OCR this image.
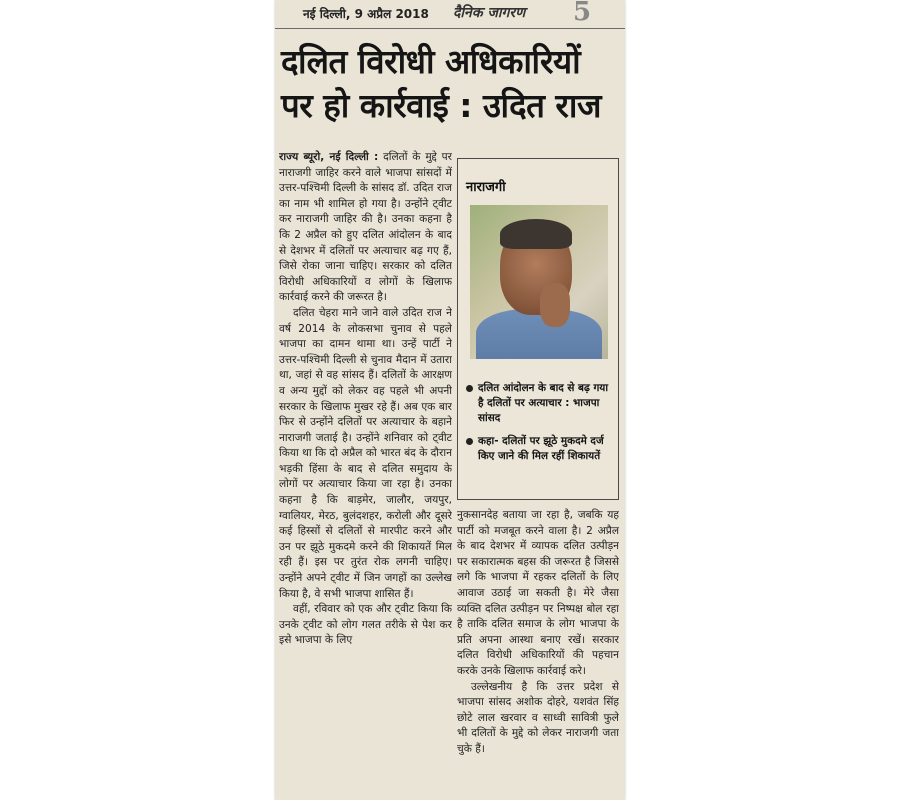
नई दिल्ली, 9 अप्रैल 2018 दैनिक जागरण 5
दलित विरोधी अधिकारियों
पर हो कार्रवाई : उदित राज

राज्य ब्यूरो, नई दिल्ली : दलितों के मुद्दे पर नाराजगी जाहिर करने वाले भाजपा सांसदों में उत्तर-पश्चिमी दिल्ली के सांसद डॉ. उदित राज का नाम भी शामिल हो गया है। उन्होंने ट्वीट कर नाराजगी जाहिर की है। उनका कहना है कि 2 अप्रैल को हुए दलित आंदोलन के बाद से देशभर में दलितों पर अत्याचार बढ़ गए हैं, जिसे रोका जाना चाहिए। सरकार को दलित विरोधी अधिकारियों व लोगों के खिलाफ कार्रवाई करने की जरूरत है।

दलित चेहरा माने जाने वाले उदित राज ने वर्ष 2014 के लोकसभा चुनाव से पहले भाजपा का दामन थामा था। उन्हें पार्टी ने उत्तर-पश्चिमी दिल्ली से चुनाव मैदान में उतारा था, जहां से वह सांसद हैं। दलितों के आरक्षण व अन्य मुद्दों को लेकर वह पहले भी अपनी सरकार के खिलाफ मुखर रहे हैं। अब एक बार फिर से उन्होंने दलितों पर अत्याचार के बहाने नाराजगी जताई है। उन्होंने शनिवार को ट्वीट किया था कि दो अप्रैल को भारत बंद के दौरान भड़की हिंसा के बाद से दलित समुदाय के लोगों पर अत्याचार किया जा रहा है। उनका कहना है कि बाड़मेर, जालौर, जयपुर, ग्वालियर, मेरठ, बुलंदशहर, करोली और दूसरे कई हिस्सों से दलितों से मारपीट करने और उन पर झूठे मुकदमे करने की शिकायतें मिल रही हैं। इस पर तुरंत रोक लगनी चाहिए। उन्होंने अपने ट्वीट में जिन जगहों का उल्लेख किया है, वे सभी भाजपा शासित हैं।

वहीं, रविवार को एक और ट्वीट किया कि उनके ट्वीट को लोग गलत तरीके से पेश कर इसे भाजपा के लिए

नाराजगी
दलित आंदोलन के बाद से बढ़ गया है दलितों पर अत्याचार : भाजपा सांसद
कहा- दलितों पर झूठे मुकदमे दर्ज किए जाने की मिल रहीं शिकायतें

नुकसानदेह बताया जा रहा है, जबकि यह पार्टी को मजबूत करने वाला है। 2 अप्रैल के बाद देशभर में व्यापक दलित उत्पीड़न पर सकारात्मक बहस की जरूरत है जिससे लगे कि भाजपा में रहकर दलितों के लिए आवाज उठाई जा सकती है। मेरे जैसा व्यक्ति दलित उत्पीड़न पर निष्पक्ष बोल रहा है ताकि दलित समाज के लोग भाजपा के प्रति अपना आस्था बनाए रखें। सरकार दलित विरोधी अधिकारियों की पहचान करके उनके खिलाफ कार्रवाई करे।

उल्लेखनीय है कि उत्तर प्रदेश से भाजपा सांसद अशोक दोहरे, यशवंत सिंह छोटे लाल खरवार व साध्वी सावित्री फुले भी दलितों के मुद्दे को लेकर नाराजगी जता चुके हैं।
